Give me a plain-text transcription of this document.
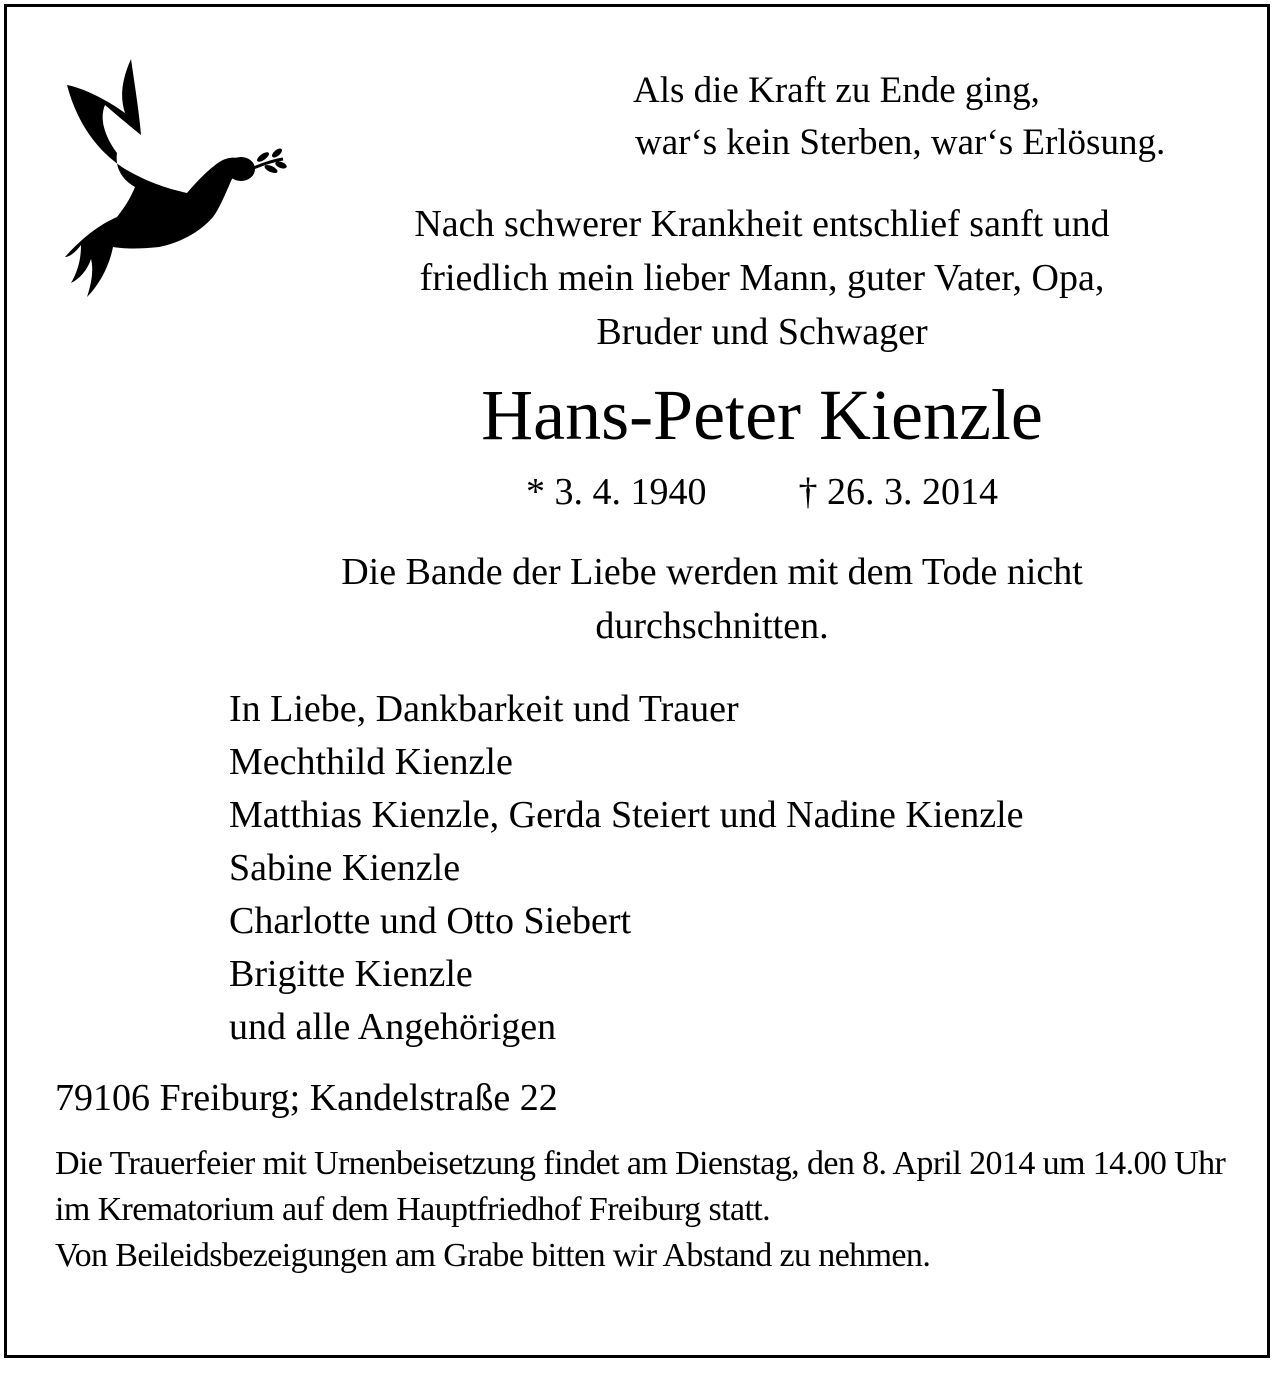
Als die Kraft zu Ende ging,
war‘s kein Sterben, war‘s Erlösung.
Nach schwerer Krankheit entschlief sanft und
friedlich mein lieber Mann, guter Vater, Opa,
Bruder und Schwager
Hans-Peter Kienzle
* 3. 4. 1940 † 26. 3. 2014
Die Bande der Liebe werden mit dem Tode nicht
durchschnitten.
In Liebe, Dankbarkeit und Trauer
Mechthild Kienzle
Matthias Kienzle, Gerda Steiert und Nadine Kienzle
Sabine Kienzle
Charlotte und Otto Siebert
Brigitte Kienzle
und alle Angehörigen
79106 Freiburg; Kandelstraße 22

Die Trauerfeier mit Urnenbeisetzung findet am Dienstag, den 8. April 2014 um 14.00 Uhr im Krematorium auf dem Hauptfriedhof Freiburg statt.

Von Beileidsbezeigungen am Grabe bitten wir Abstand zu nehmen.
